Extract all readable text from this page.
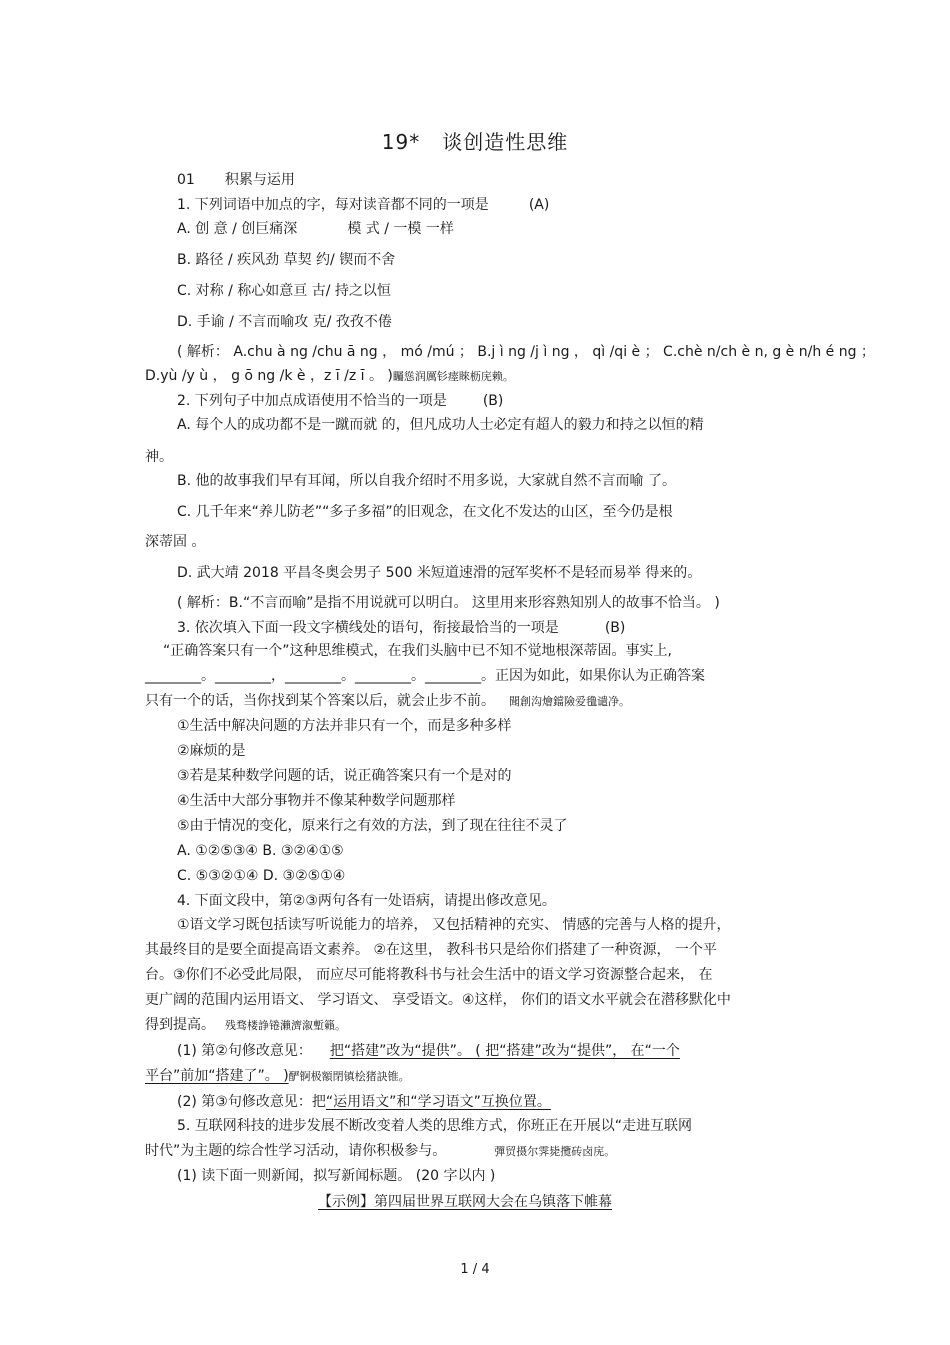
19* 谈创造性思维
01 积累与运用
1. 下列词语中加点的字，每对读音都不同的一项是	(A)
A. 创 意 / 创巨痛深	模 式 / 一模 一样
B. 路径 / 疾风劲 草契 约/ 锲而不舍
C. 对称 / 称心如意亘 古/ 持之以恒
D. 手谕 / 不言而喻攻 克/ 孜孜不倦
( 解析： A.chu à ng /chu ā ng ， mó /mú ； B.j ì ng /j ì ng ， qì /qi è ； C.chè n/ch è n, g è n/h é ng ；
D.yù /y ù ， g ō ng /k è ，z ī /z ī 。 )矚慫润厲钐瘗睞枥庑赖。
2. 下列句子中加点成语使用不恰当的一项是	(B)
A. 每个人的成功都不是一蹴而就 的，但凡成功人士必定有超人的毅力和持之以恒的精
神。
B. 他的故事我们早有耳闻，所以自我介绍时不用多说，大家就自然不言而喻 了。
C. 几千年来“养儿防老”“多子多福”的旧观念，在文化不发达的山区，至今仍是根
深蒂固 。
D. 武大靖 2018 平昌冬奥会男子 500 米短道速滑的冠军奖杯不是轻而易举 得来的。
( 解析：B.“不言而喻”是指不用说就可以明白。 这里用来形容熟知别人的故事不恰当。 )
3. 依次填入下面一段文字横线处的语句，衔接最恰当的一项是	(B)
“正确答案只有一个”这种思维模式，在我们头脑中已不知不觉地根深蒂固。事实上,
________。________，________。________。________。正因为如此，如果你认为正确答案
只有一个的话，当你找到某个答案以后，就会止步不前。 聞創沟燴鐺險爱氇谴净。
①生活中解决问题的方法并非只有一个，而是多种多样
②麻烦的是
③若是某种数学问题的话，说正确答案只有一个是对的
④生活中大部分事物并不像某种数学问题那样
⑤由于情况的变化，原来行之有效的方法，到了现在往往不灵了
A. ①②⑤③④ B. ③②④①⑤
C. ⑤③②①④ D. ③②⑤①④
4. 下面文段中，第②③两句各有一处语病，请提出修改意见。
①语文学习既包括读写听说能力的培养， 又包括精神的充实、 情感的完善与人格的提升，
其最终目的是要全面提高语文素养。 ②在这里， 教科书只是给你们搭建了一种资源， 一个平
台。③你们不必受此局限， 而应尽可能将教科书与社会生活中的语文学习资源整合起来， 在
更广阔的范围内运用语文、 学习语文、 享受语文。④这样， 你们的语文水平就会在潜移默化中
得到提高。 残骛楼諍锩瀨濟溆塹籟。
(1) 第②句修改意见： 把“搭建”改为“提供”。 ( 把“搭建”改为“提供”， 在“一个
平台”前加“搭建了”。 )酽锕极額閉镇桧猪訣锥。
(2) 第③句修改意见：把“运用语文”和“学习语文”互换位置。
5. 互联网科技的进步发展不断改变着人类的思维方式，你班正在开展以“走进互联网
时代”为主题的综合性学习活动，请你积极参与。	彈贸摄尔霁毙攬砖卤庑。
(1) 读下面一则新闻，拟写新闻标题。 (20 字以内 )
【示例】第四届世界互联网大会在乌镇落下帷幕
1 / 4
